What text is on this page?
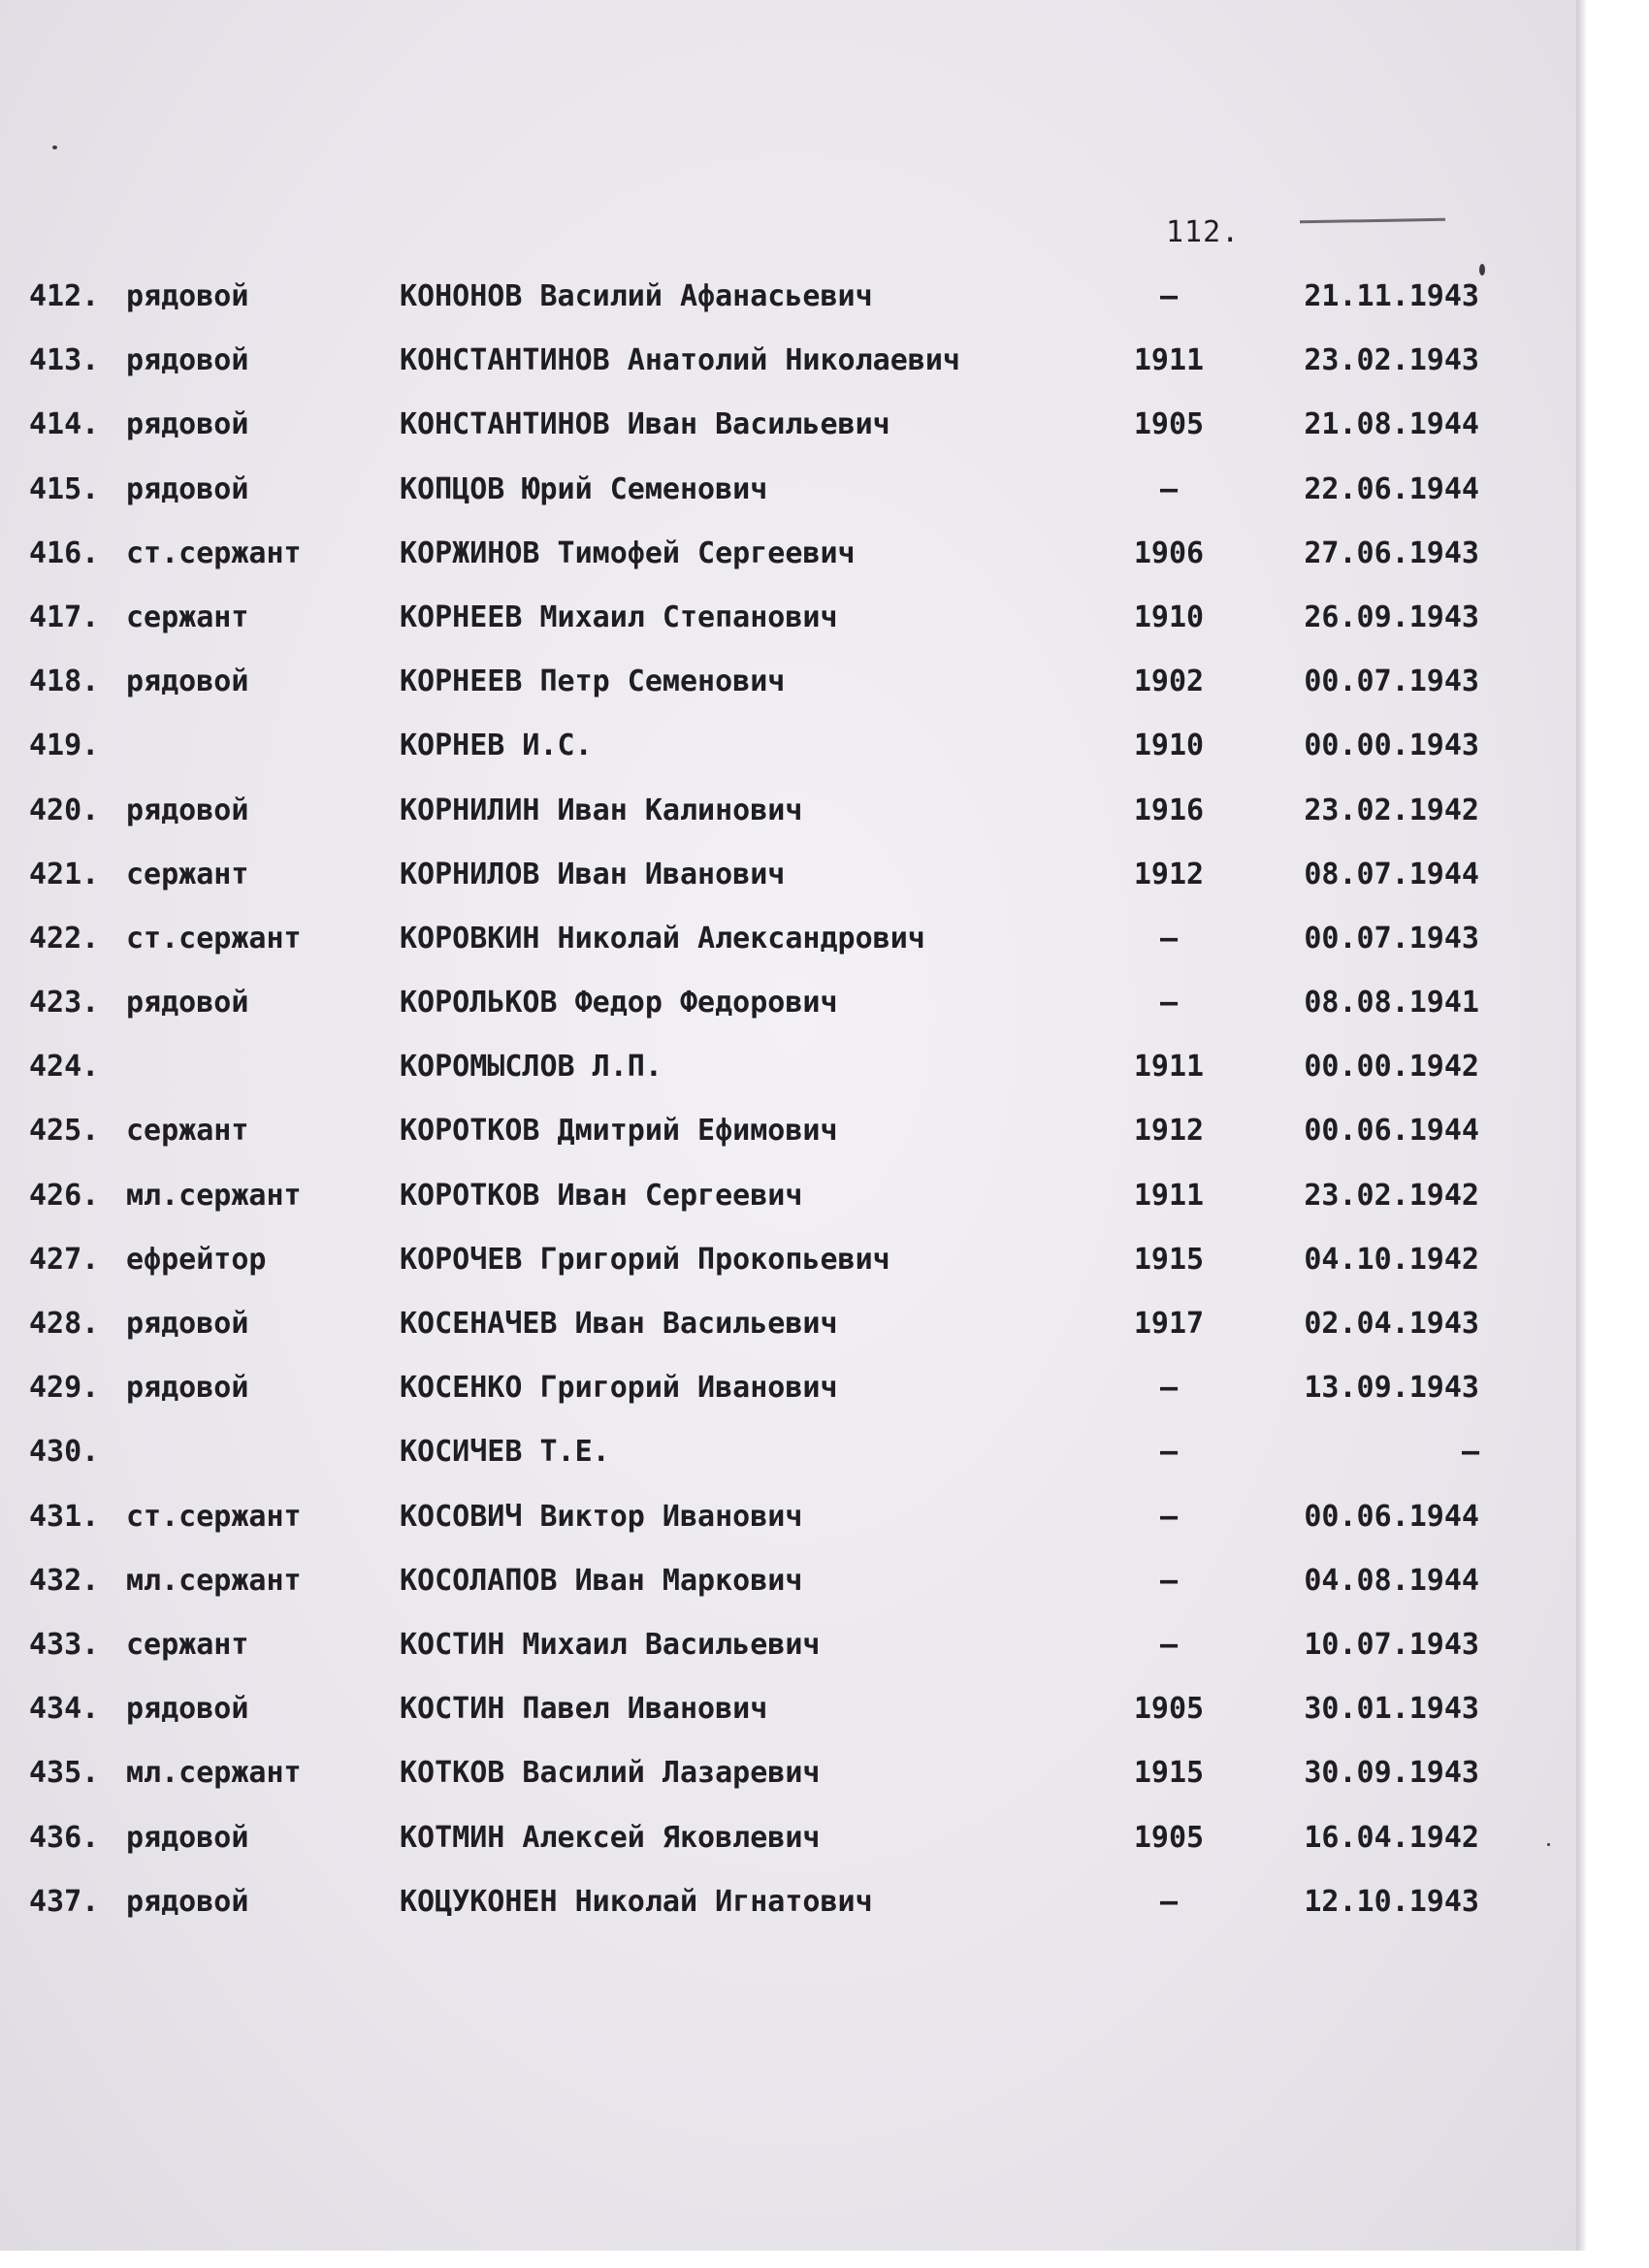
112.
412. рядовой	КОНОНОВ Василий Афанасьевич	–	21.11.1943
413. рядовой	КОНСТАНТИНОВ Анатолий Николаевич	1911	23.02.1943
414. рядовой	КОНСТАНТИНОВ Иван Васильевич	1905	21.08.1944
415. рядовой	КОПЦОВ Юрий Семенович	–	22.06.1944
416. ст.сержант	КОРЖИНОВ Тимофей Сергеевич	1906	27.06.1943
417. сержант	КОРНЕЕВ Михаил Степанович	1910	26.09.1943
418. рядовой	КОРНЕЕВ Петр Семенович	1902	00.07.1943
419.	КОРНЕВ И.С.	1910	00.00.1943
420. рядовой	КОРНИЛИН Иван Калинович	1916	23.02.1942
421. сержант	КОРНИЛОВ Иван Иванович	1912	08.07.1944
422. ст.сержант	КОРОВКИН Николай Александрович	–	00.07.1943
423. рядовой	КОРОЛЬКОВ Федор Федорович	–	08.08.1941
424.	КОРОМЫСЛОВ Л.П.	1911	00.00.1942
425. сержант	КОРОТКОВ Дмитрий Ефимович	1912	00.06.1944
426. мл.сержант	КОРОТКОВ Иван Сергеевич	1911	23.02.1942
427. ефрейтор	КОРОЧЕВ Григорий Прокопьевич	1915	04.10.1942
428. рядовой	КОСЕНАЧЕВ Иван Васильевич	1917	02.04.1943
429. рядовой	КОСЕНКО Григорий Иванович	–	13.09.1943
430.	КОСИЧЕВ Т.Е.	–	–
431. ст.сержант	КОСОВИЧ Виктор Иванович	–	00.06.1944
432. мл.сержант	КОСОЛАПОВ Иван Маркович	–	04.08.1944
433. сержант	КОСТИН Михаил Васильевич	–	10.07.1943
434. рядовой	КОСТИН Павел Иванович	1905	30.01.1943
435. мл.сержант	КОТКОВ Василий Лазаревич	1915	30.09.1943
436. рядовой	КОТМИН Алексей Яковлевич	1905	16.04.1942
437. рядовой	КОЦУКОНЕН Николай Игнатович	–	12.10.1943
